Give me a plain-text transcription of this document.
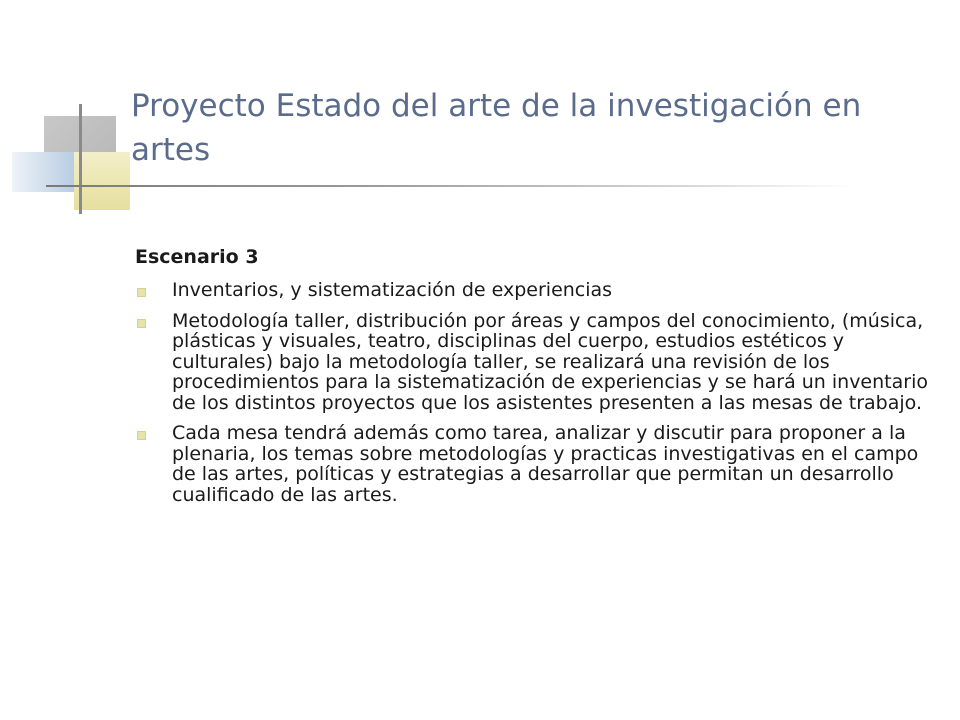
Proyecto Estado del arte de la investigación en artes
Escenario 3
Inventarios, y sistematización de experiencias
Metodología taller, distribución por áreas y campos del conocimiento, (música, plásticas y visuales, teatro, disciplinas del cuerpo, estudios estéticos y culturales) bajo la metodología taller, se realizará una revisión de los procedimientos para la sistematización de experiencias y se hará un inventario de los distintos proyectos que los asistentes presenten a las mesas de trabajo.
Cada mesa tendrá además como tarea, analizar y discutir para proponer a la plenaria, los temas sobre metodologías y practicas investigativas en el campo de las artes, políticas y estrategias a desarrollar que permitan un desarrollo cualificado de las artes.
